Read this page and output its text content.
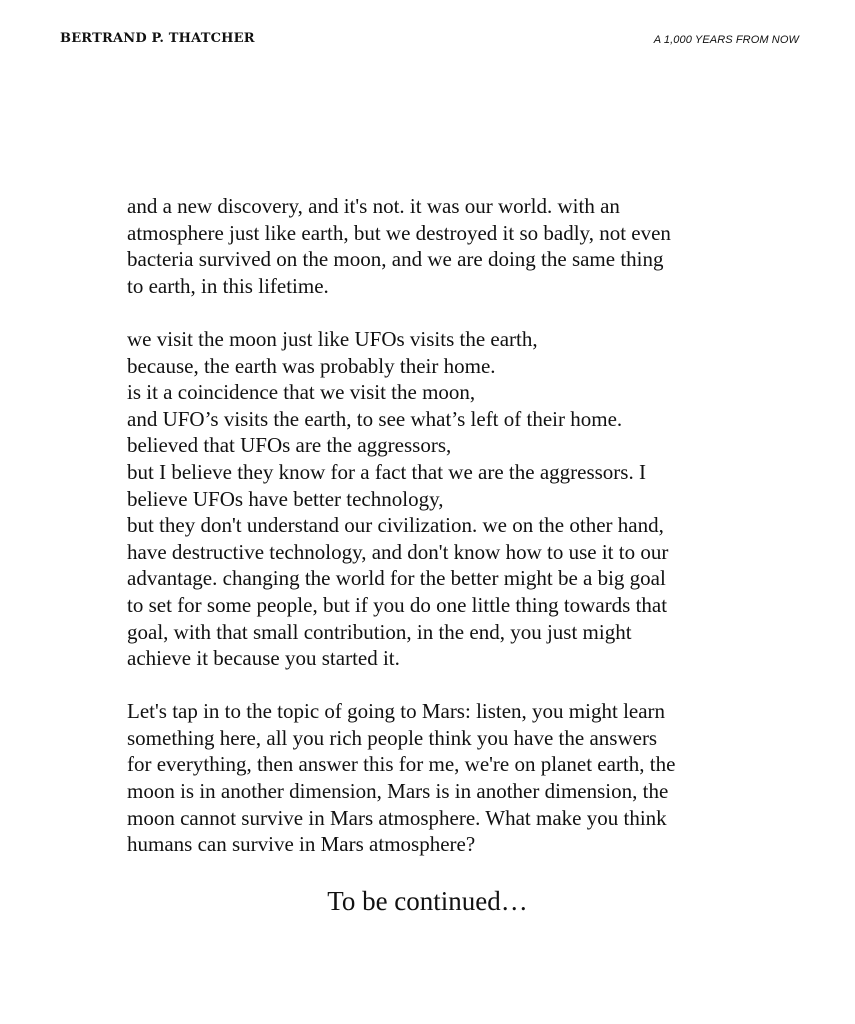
BERTRAND P. THATCHER	A 1,000 YEARS FROM NOW
and a new discovery, and it's not. it was our world. with an
atmosphere just like earth, but we destroyed it so badly, not even
bacteria survived on the moon, and we are doing the same thing
to earth, in this lifetime.
we visit the moon just like UFOs visits the earth,
because, the earth was probably their home.
is it a coincidence that we visit the moon,
and UFO’s visits the earth, to see what’s left of their home.
believed that UFOs are the aggressors,
but I believe they know for a fact that we are the aggressors. I
believe UFOs have better technology,
but they don't understand our civilization. we on the other hand,
have destructive technology, and don't know how to use it to our
advantage. changing the world for the better might be a big goal
to set for some people, but if you do one little thing towards that
goal, with that small contribution, in the end, you just might
achieve it because you started it.
Let's tap in to the topic of going to Mars: listen, you might learn
something here, all you rich people think you have the answers
for everything, then answer this for me, we're on planet earth, the
moon is in another dimension, Mars is in another dimension, the
moon cannot survive in Mars atmosphere. What make you think
humans can survive in Mars atmosphere?
To be continued…
